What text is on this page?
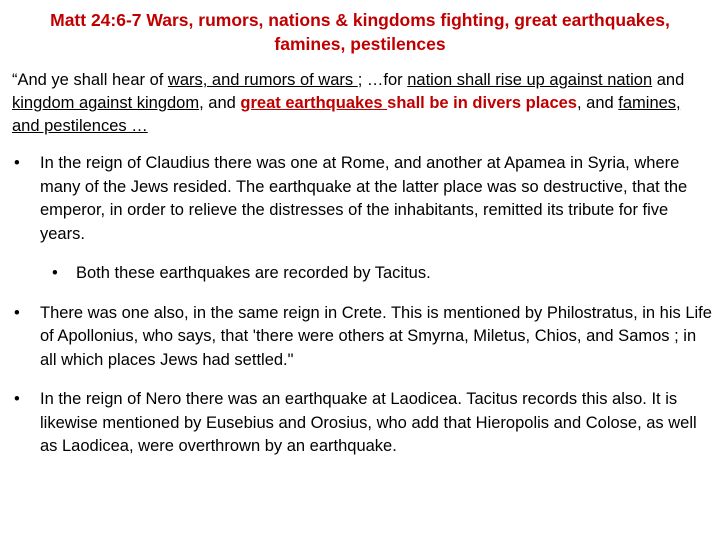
Matt 24:6-7 Wars, rumors, nations & kingdoms fighting, great earthquakes, famines, pestilences
“And ye shall hear of wars, and rumors of wars ; …for nation shall rise up against nation and kingdom against kingdom, and great earthquakes shall be in divers places, and famines, and pestilences …
• In the reign of Claudius there was one at Rome, and another at Apamea in Syria, where many of the Jews resided. The earthquake at the latter place was so destructive, that the emperor, in order to relieve the distresses of the inhabitants, remitted its tribute for five years.
• Both these earthquakes are recorded by Tacitus.
• There was one also, in the same reign in Crete. This is mentioned by Philostratus, in his Life of Apollonius, who says, that 'there were others at Smyrna, Miletus, Chios, and Samos ; in all which places Jews had settled."
• In the reign of Nero there was an earthquake at Laodicea. Tacitus records this also. It is likewise mentioned by Eusebius and Orosius, who add that Hieropolis and Colose, as well as Laodicea, were overthrown by an earthquake.
